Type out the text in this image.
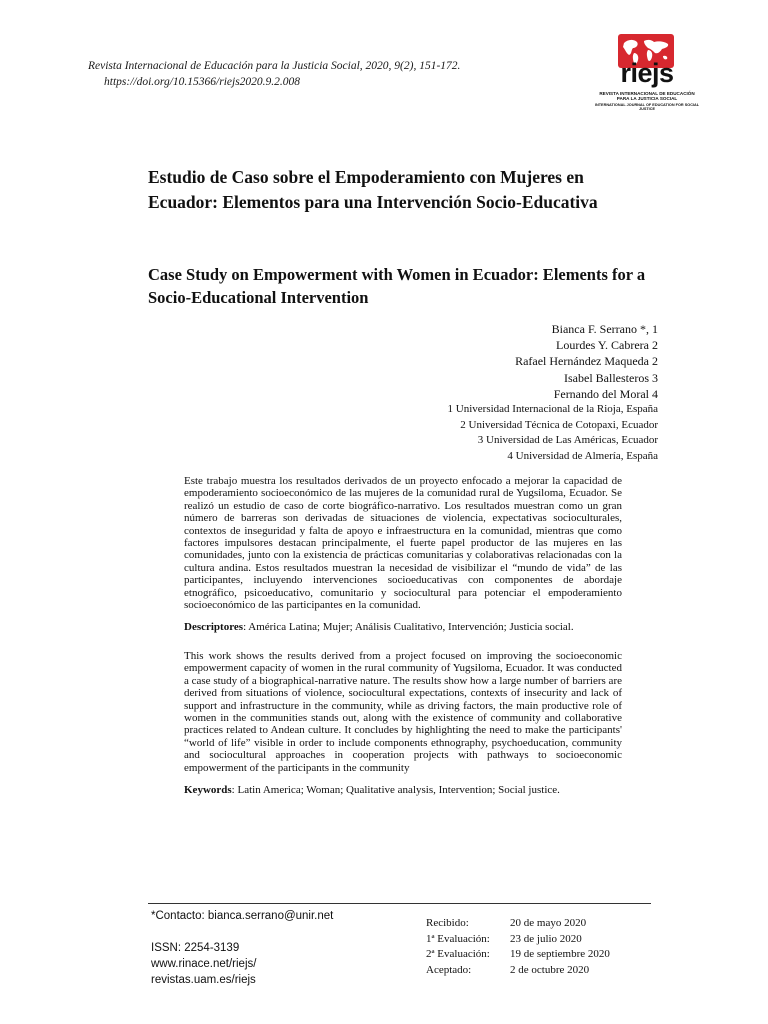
Revista Internacional de Educación para la Justicia Social, 2020, 9(2), 151-172.
https://doi.org/10.15366/riejs2020.9.2.008	riejs
REVISTA INTERNACIONAL DE EDUCACIÓN
PARA LA JUSTICIA SOCIAL
INTERNATIONAL JOURNAL OF EDUCATION FOR SOCIAL JUSTICE
Estudio de Caso sobre el Empoderamiento con Mujeres en Ecuador: Elementos para una Intervención Socio-Educativa
Case Study on Empowerment with Women in Ecuador: Elements for a Socio-Educational Intervention
Bianca F. Serrano *, 1
Lourdes Y. Cabrera 2
Rafael Hernández Maqueda 2
Isabel Ballesteros 3
Fernando del Moral 4
1 Universidad Internacional de la Rioja, España
2 Universidad Técnica de Cotopaxi, Ecuador
3 Universidad de Las Américas, Ecuador
4 Universidad de Almería, España

Este trabajo muestra los resultados derivados de un proyecto enfocado a mejorar la capacidad de empoderamiento socioeconómico de las mujeres de la comunidad rural de Yugsiloma, Ecuador. Se realizó un estudio de caso de corte biográfico-narrativo. Los resultados muestran como un gran número de barreras son derivadas de situaciones de violencia, expectativas socioculturales, contextos de inseguridad y falta de apoyo e infraestructura en la comunidad, mientras que como factores impulsores destacan principalmente, el fuerte papel productor de las mujeres en las comunidades, junto con la existencia de prácticas comunitarias y colaborativas relacionadas con la cultura andina. Estos resultados muestran la necesidad de visibilizar el “mundo de vida” de las participantes, incluyendo intervenciones socioeducativas con componentes de abordaje etnográfico, psicoeducativo, comunitario y sociocultural para potenciar el empoderamiento socioeconómico de las participantes en la comunidad.

Descriptores: América Latina; Mujer; Análisis Cualitativo, Intervención; Justicia social.

This work shows the results derived from a project focused on improving the socioeconomic empowerment capacity of women in the rural community of Yugsiloma, Ecuador. It was conducted a case study of a biographical-narrative nature. The results show how a large number of barriers are derived from situations of violence, sociocultural expectations, contexts of insecurity and lack of support and infrastructure in the community, while as driving factors, the main productive role of women in the communities stands out, along with the existence of community and collaborative practices related to Andean culture. It concludes by highlighting the need to make the participants' “world of life” visible in order to include components ethnography, psychoeducation, community and sociocultural approaches in cooperation projects with pathways to socioeconomic empowerment of the participants in the community

Keywords: Latin America; Woman; Qualitative analysis, Intervention; Social justice.

*Contacto: bianca.serrano@unir.net
ISSN: 2254-3139
www.rinace.net/riejs/
revistas.uam.es/riejs
Recibido:	20 de mayo 2020
1ª Evaluación:	23 de julio 2020
2ª Evaluación:	19 de septiembre 2020
Aceptado:	2 de octubre 2020
